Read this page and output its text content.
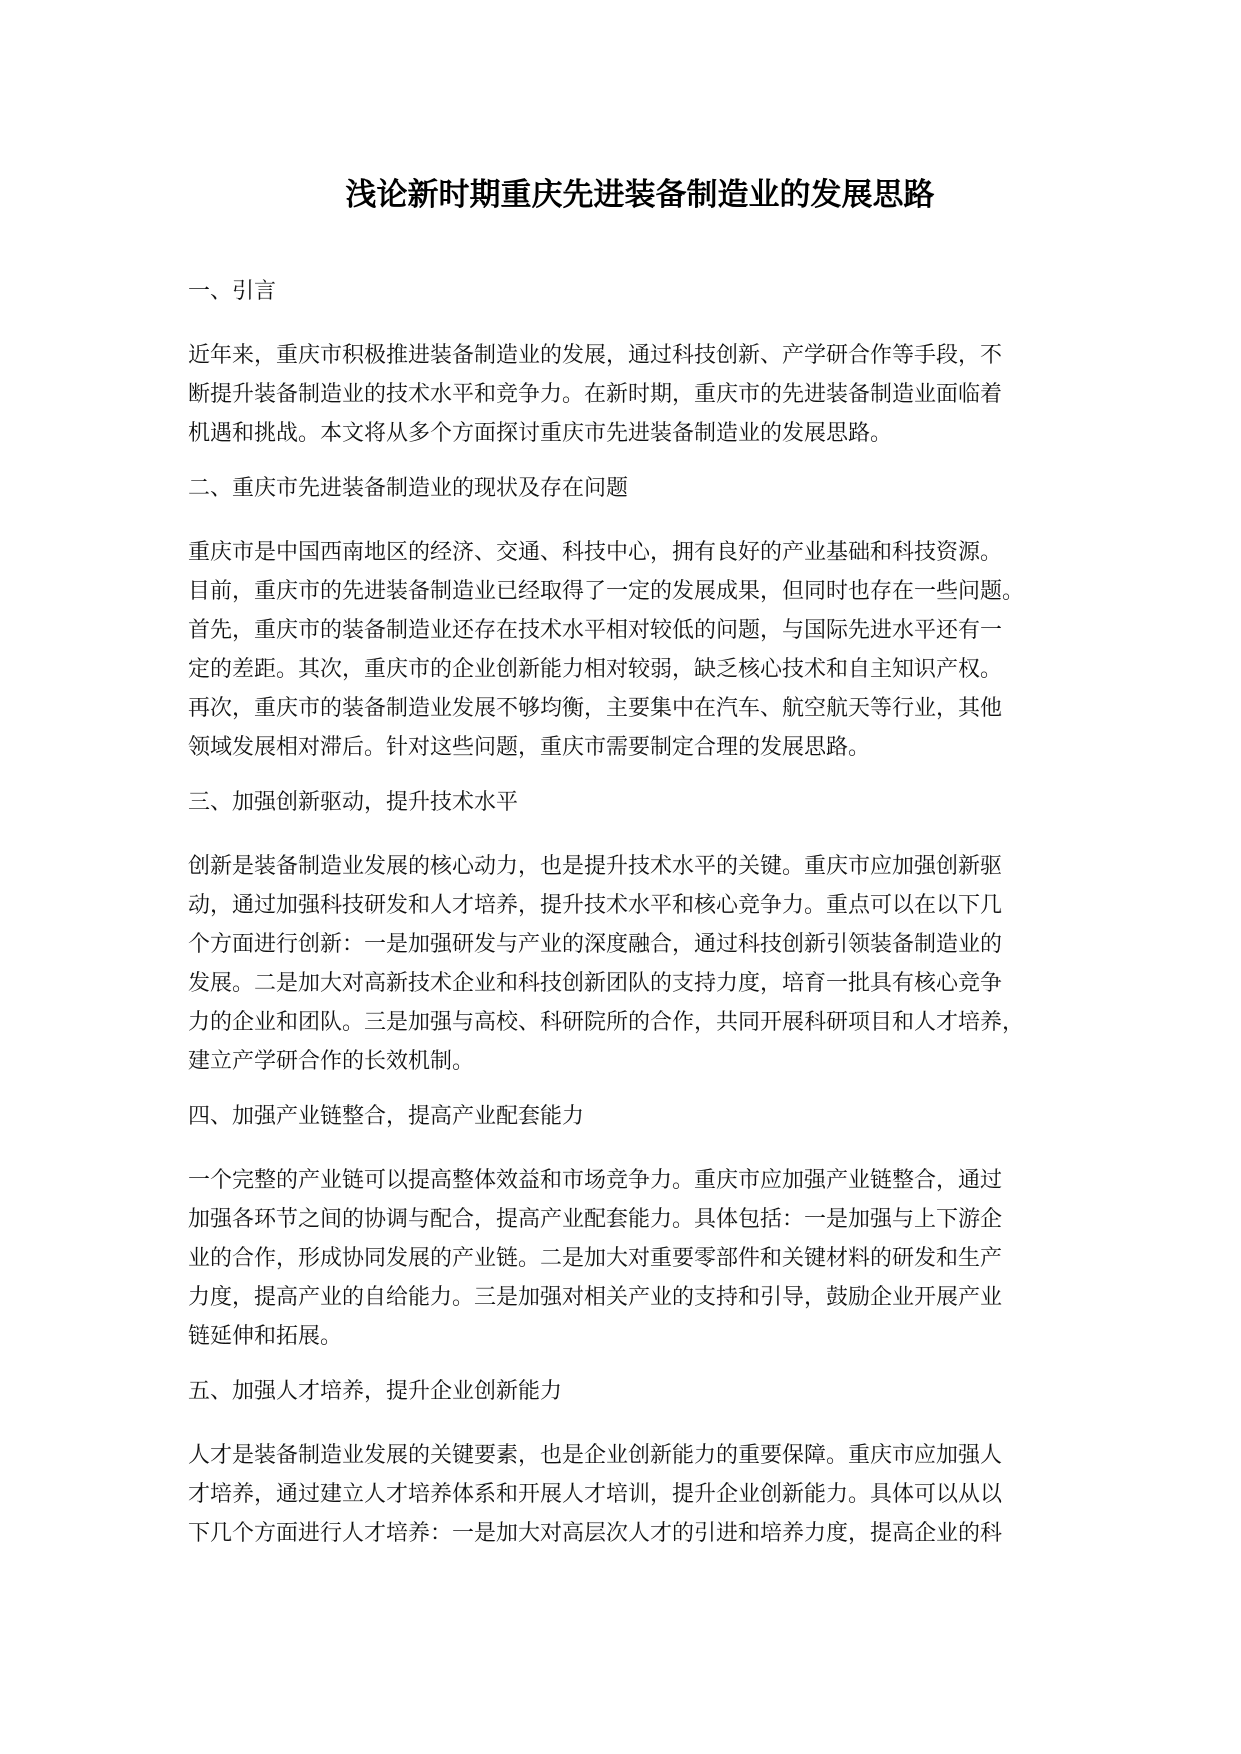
浅论新时期重庆先进装备制造业的发展思路
一、引言

近年来，重庆市积极推进装备制造业的发展，通过科技创新、产学研合作等手段，不
断提升装备制造业的技术水平和竞争力。在新时期，重庆市的先进装备制造业面临着
机遇和挑战。本文将从多个方面探讨重庆市先进装备制造业的发展思路。

二、重庆市先进装备制造业的现状及存在问题

重庆市是中国西南地区的经济、交通、科技中心，拥有良好的产业基础和科技资源。
目前，重庆市的先进装备制造业已经取得了一定的发展成果，但同时也存在一些问题。
首先，重庆市的装备制造业还存在技术水平相对较低的问题，与国际先进水平还有一
定的差距。其次，重庆市的企业创新能力相对较弱，缺乏核心技术和自主知识产权。
再次，重庆市的装备制造业发展不够均衡，主要集中在汽车、航空航天等行业，其他
领域发展相对滞后。针对这些问题，重庆市需要制定合理的发展思路。

三、加强创新驱动，提升技术水平

创新是装备制造业发展的核心动力，也是提升技术水平的关键。重庆市应加强创新驱
动，通过加强科技研发和人才培养，提升技术水平和核心竞争力。重点可以在以下几
个方面进行创新：一是加强研发与产业的深度融合，通过科技创新引领装备制造业的
发展。二是加大对高新技术企业和科技创新团队的支持力度，培育一批具有核心竞争
力的企业和团队。三是加强与高校、科研院所的合作，共同开展科研项目和人才培养，
建立产学研合作的长效机制。

四、加强产业链整合，提高产业配套能力

一个完整的产业链可以提高整体效益和市场竞争力。重庆市应加强产业链整合，通过
加强各环节之间的协调与配合，提高产业配套能力。具体包括：一是加强与上下游企
业的合作，形成协同发展的产业链。二是加大对重要零部件和关键材料的研发和生产
力度，提高产业的自给能力。三是加强对相关产业的支持和引导，鼓励企业开展产业
链延伸和拓展。

五、加强人才培养，提升企业创新能力

人才是装备制造业发展的关键要素，也是企业创新能力的重要保障。重庆市应加强人
才培养，通过建立人才培养体系和开展人才培训，提升企业创新能力。具体可以从以
下几个方面进行人才培养：一是加大对高层次人才的引进和培养力度，提高企业的科
